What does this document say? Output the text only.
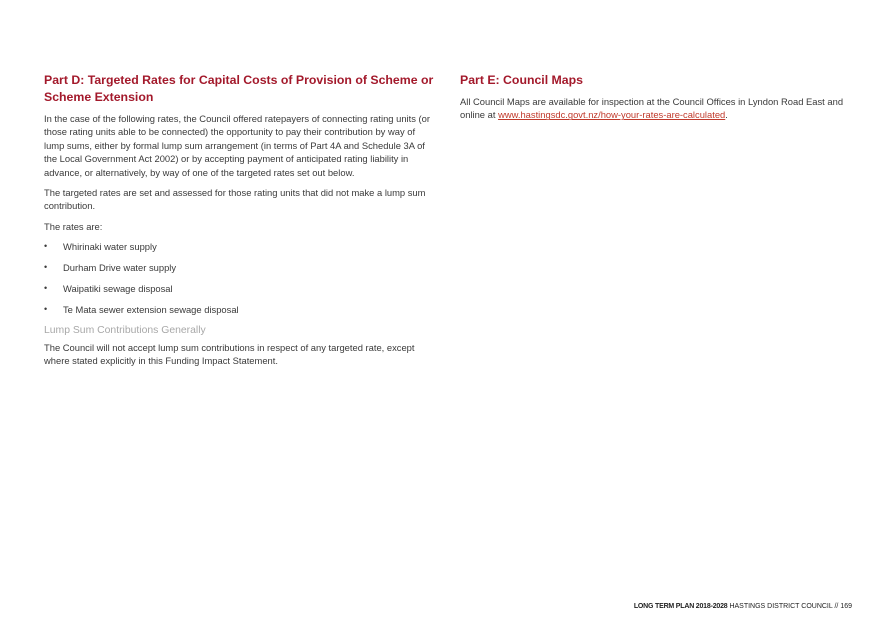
Part D: Targeted Rates for Capital Costs of Provision of Scheme or Scheme Extension

In the case of the following rates, the Council offered ratepayers of connecting rating units (or those rating units able to be connected) the opportunity to pay their contribution by way of lump sums, either by formal lump sum arrangement (in terms of Part 4A and Schedule 3A of the Local Government Act 2002) or by accepting payment of anticipated rating liability in advance, or alternatively, by way of one of the targeted rates set out below.

The targeted rates are set and assessed for those rating units that did not make a lump sum contribution.

The rates are:

• Whirinaki water supply
• Durham Drive water supply
• Waipatiki sewage disposal
• Te Mata sewer extension sewage disposal
Lump Sum Contributions Generally

The Council will not accept lump sum contributions in respect of any targeted rate, except where stated explicitly in this Funding Impact Statement.

Part E: Council Maps

All Council Maps are available for inspection at the Council Offices in Lyndon Road East and online at www.hastingsdc.govt.nz/how-your-rates-are-calculated.

LONG TERM PLAN 2018-2028 HASTINGS DISTRICT COUNCIL // 169
